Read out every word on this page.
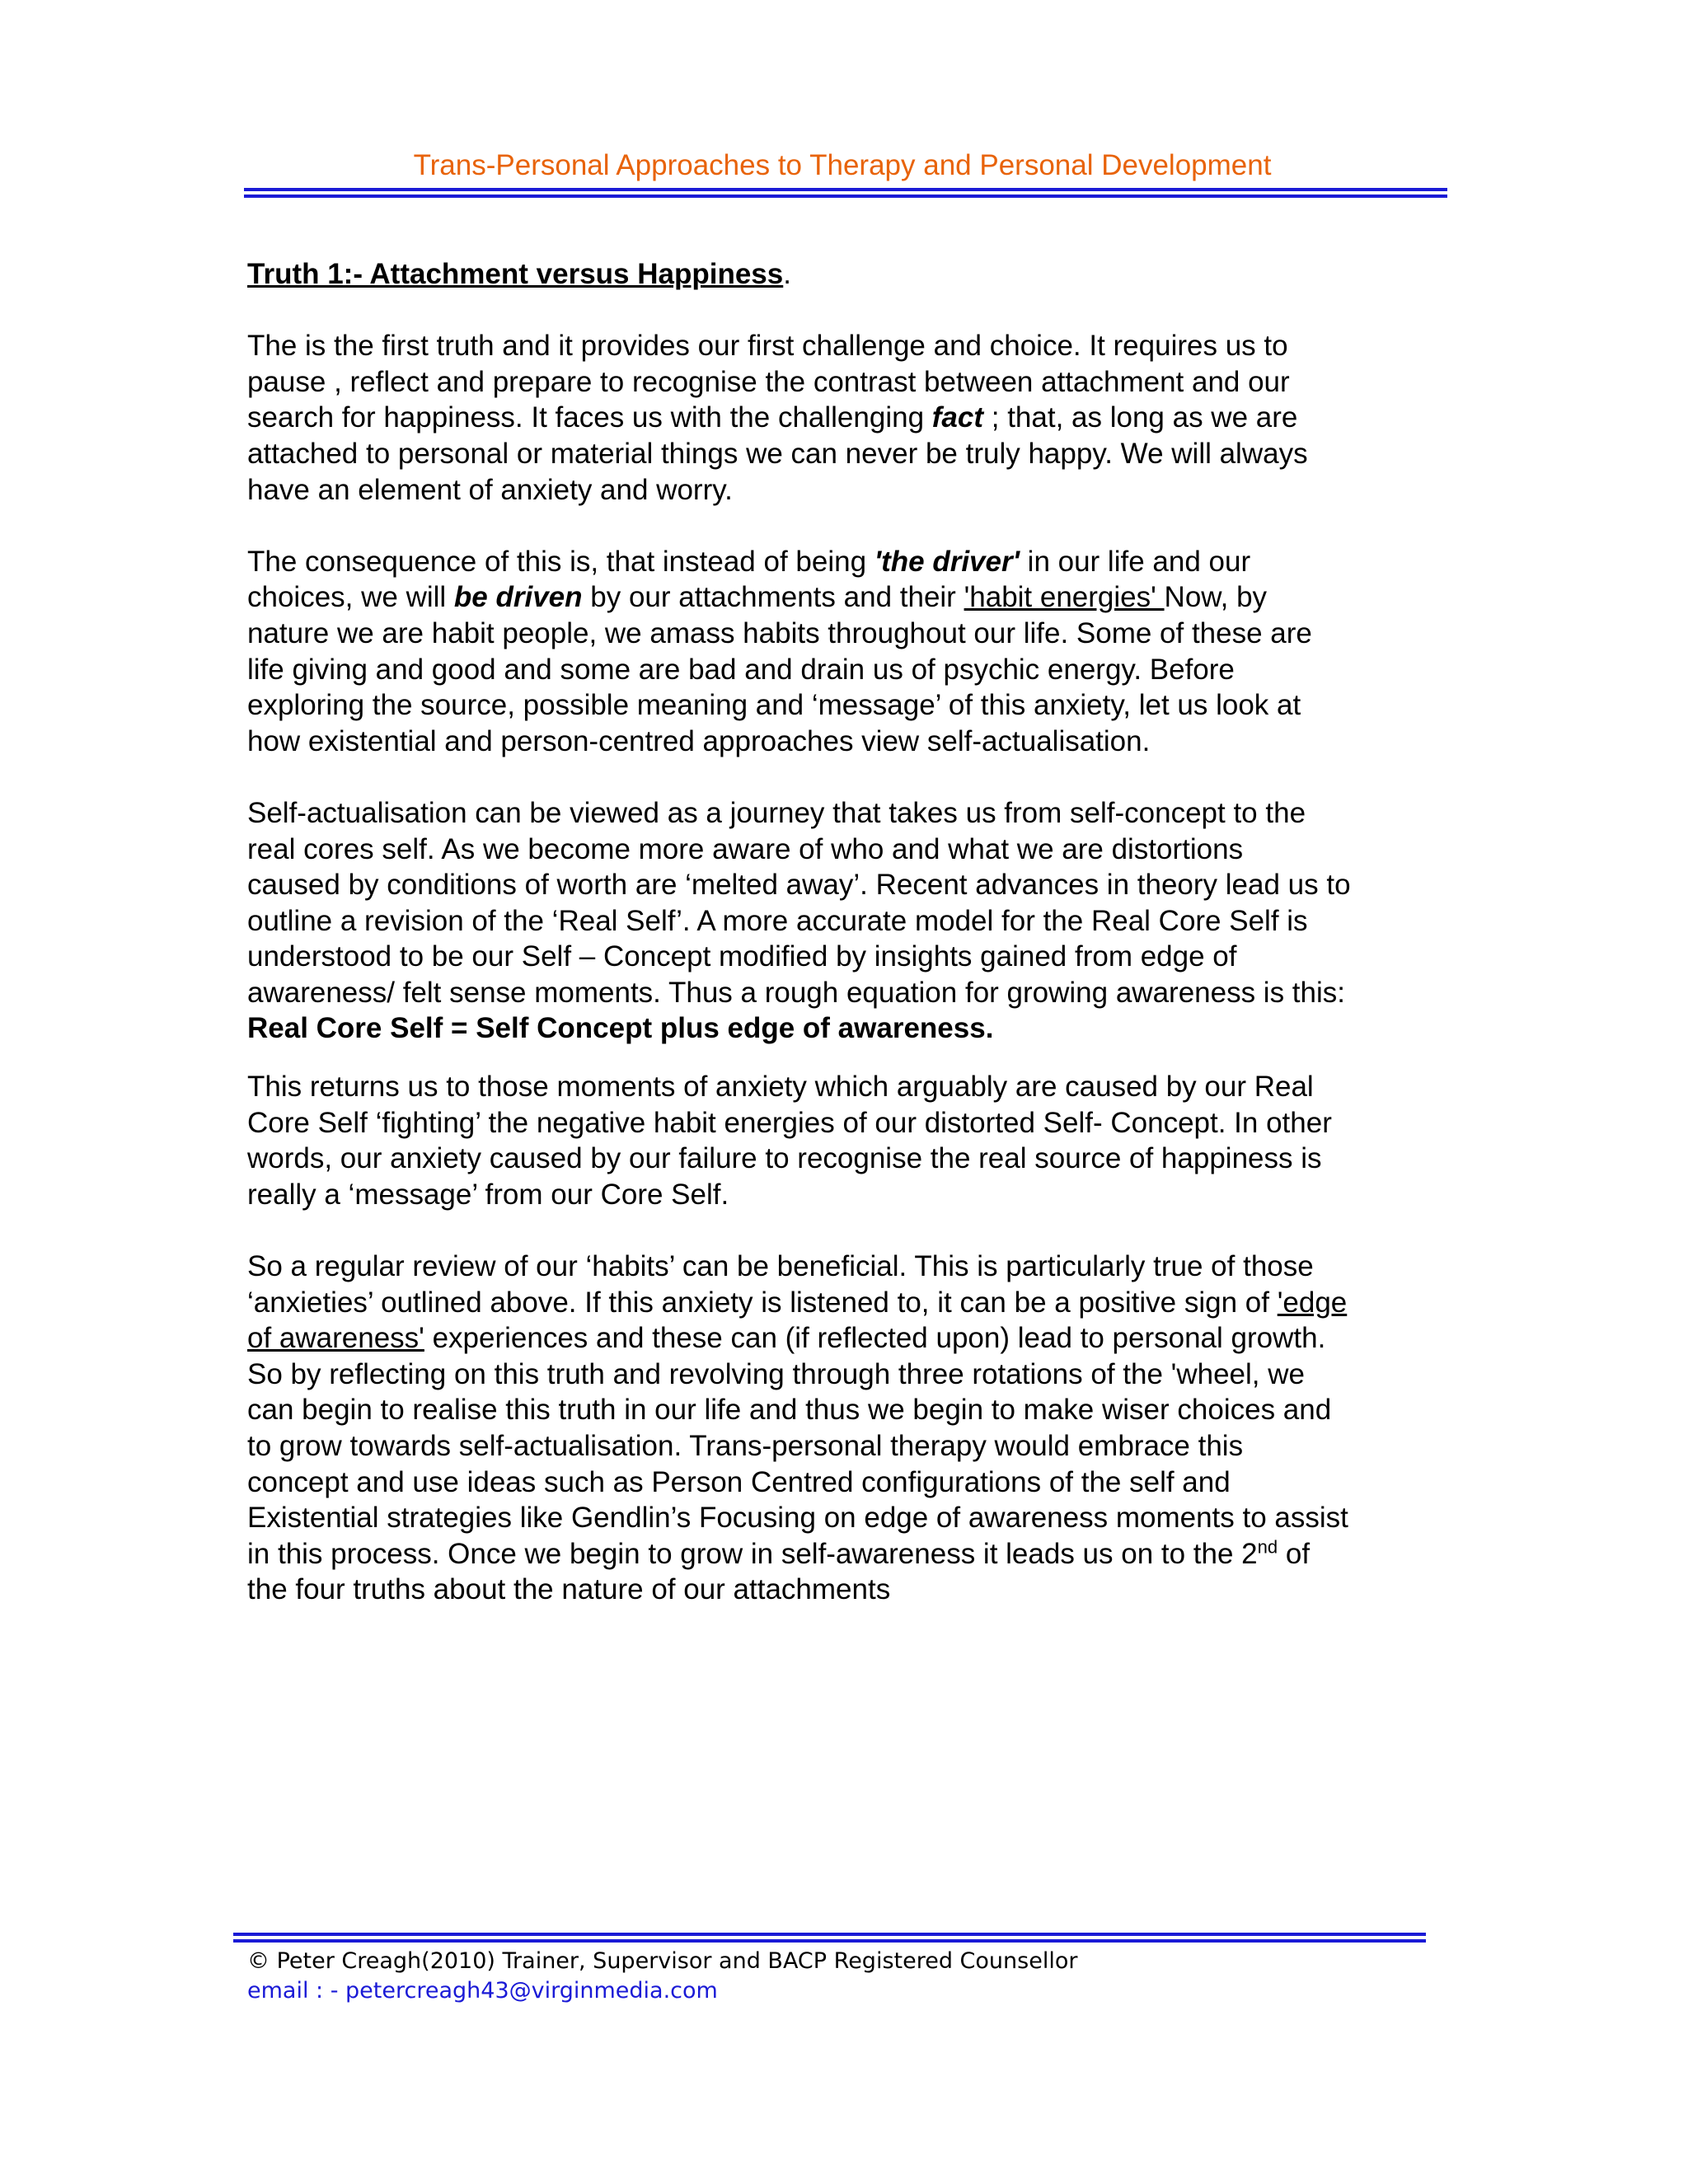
Trans-Personal Approaches to Therapy and Personal Development

Truth 1:- Attachment versus Happiness.

The is the first truth and it provides our first challenge and choice. It requires us to

pause , reflect and prepare to recognise the contrast between attachment and our

search for happiness. It faces us with the challenging fact ; that, as long as we are

attached to personal or material things we can never be truly happy. We will always

have an element of anxiety and worry.

The consequence of this is, that instead of being 'the driver' in our life and our

choices, we will be driven by our attachments and their 'habit energies' Now, by

nature we are habit people, we amass habits throughout our life. Some of these are

life giving and good and some are bad and drain us of psychic energy. Before

exploring the source, possible meaning and ‘message’ of this anxiety, let us look at

how existential and person-centred approaches view self-actualisation.

Self-actualisation can be viewed as a journey that takes us from self-concept to the

real cores self. As we become more aware of who and what we are distortions

caused by conditions of worth are ‘melted away’. Recent advances in theory lead us to

outline a revision of the ‘Real Self’. A more accurate model for the Real Core Self is

understood to be our Self – Concept modified by insights gained from edge of

awareness/ felt sense moments. Thus a rough equation for growing awareness is this:

Real Core Self = Self Concept plus edge of awareness.

This returns us to those moments of anxiety which arguably are caused by our Real

Core Self ‘fighting’ the negative habit energies of our distorted Self- Concept. In other

words, our anxiety caused by our failure to recognise the real source of happiness is

really a ‘message’ from our Core Self.

So a regular review of our ‘habits’ can be beneficial. This is particularly true of those

‘anxieties’ outlined above. If this anxiety is listened to, it can be a positive sign of 'edge

of awareness' experiences and these can (if reflected upon) lead to personal growth.

So by reflecting on this truth and revolving through three rotations of the 'wheel, we

can begin to realise this truth in our life and thus we begin to make wiser choices and

to grow towards self-actualisation. Trans-personal therapy would embrace this

concept and use ideas such as Person Centred configurations of the self and

Existential strategies like Gendlin’s Focusing on edge of awareness moments to assist

in this process. Once we begin to grow in self-awareness it leads us on to the 2nd of

the four truths about the nature of our attachments

© Peter Creagh(2010) Trainer, Supervisor and BACP Registered Counsellor
email : - petercreagh43@virginmedia.com
